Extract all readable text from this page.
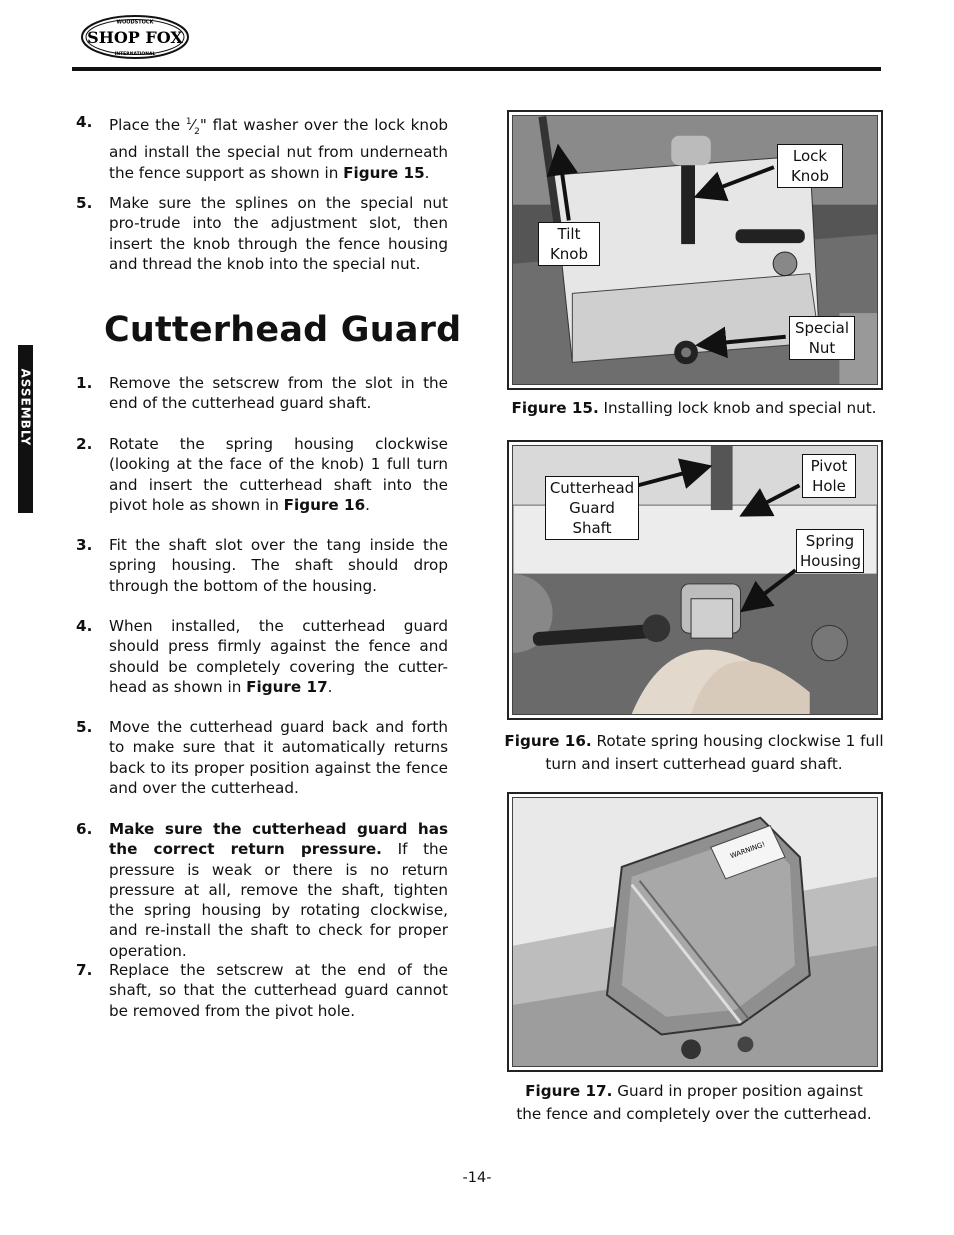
WOODSTOCK
SHOP FOX
INTERNATIONAL
ASSEMBLY
4. Place the $^1⁄_2$" flat washer over the lock knob and install the special nut from underneath the fence support as shown in Figure 15.
5. Make sure the splines on the special nut pro-trude into the adjustment slot, then insert the knob through the fence housing and thread the knob into the special nut.
1. Remove the setscrew from the slot in the end of the cutterhead guard shaft.
2. Rotate the spring housing clockwise (looking at the face of the knob) 1 full turn and insert the cutterhead shaft into the pivot hole as shown in Figure 16.
3. Fit the shaft slot over the tang inside the spring housing. The shaft should drop through the bottom of the housing.
4. When installed, the cutterhead guard should press firmly against the fence and should be completely covering the cutter-head as shown in Figure 17.
5. Move the cutterhead guard back and forth to make sure that it automatically returns back to its proper position against the fence and over the cutterhead.
6. Make sure the cutterhead guard has the correct return pressure. If the pressure is weak or there is no return pressure at all, remove the shaft, tighten the spring housing by rotating clockwise, and re-install the shaft to check for proper operation.
7. Replace the setscrew at the end of the shaft, so that the cutterhead guard cannot be removed from the pivot hole.
Cutterhead Guard
Lock
Knob
Tilt
Knob
Special
Nut
Figure 15. Installing lock knob and special nut.
Cutterhead
Guard
Shaft
Pivot
Hole
Spring
Housing
Figure 16. Rotate spring housing clockwise 1 full turn and insert cutterhead guard shaft.
WARNING!
Figure 17. Guard in proper position against
the fence and completely over the cutterhead.
-14-
